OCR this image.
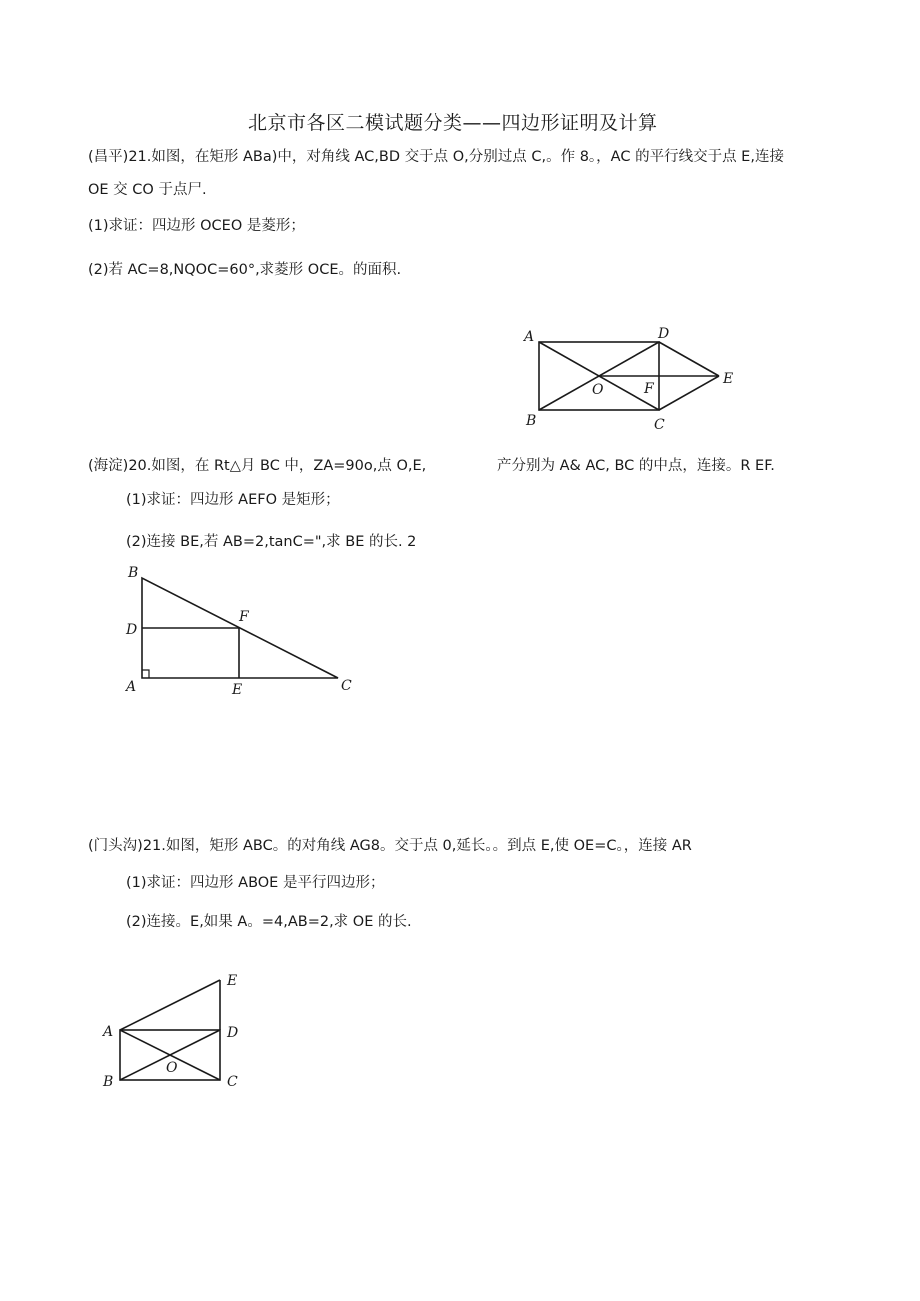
北京市各区二模试题分类——四边形证明及计算
(昌平)21.如图，在矩形 ABa)中，对角线 AC,BD 交于点 O,分别过点 C,。作 8。，AC 的平行线交于点 E,连接
OE 交 CO 于点尸.
(1)求证：四边形 OCEO 是菱形；
(2)若 AC=8,NQOC=60°,求菱形 OCE。的面积.
A	D
E
O	F
B	C
(海淀)20.如图，在 Rt△月 BC 中，ZA=90o,点 O,E,	产分别为 A& AC, BC 的中点，连接。R EF.
(1)求证：四边形 AEFO 是矩形；
(2)连接 BE,若 AB=2,tanC=",求 BE 的长. 2
B
D
F
A	E	C
(门头沟)21.如图，矩形 ABC。的对角线 AG8。交于点 0,延长。。到点 E,使 OE=C。，连接 AR
(1)求证：四边形 ABOE 是平行四边形；
(2)连接。E,如果 A。=4,AB=2,求 OE 的长.
E
A	D
O
B	C
